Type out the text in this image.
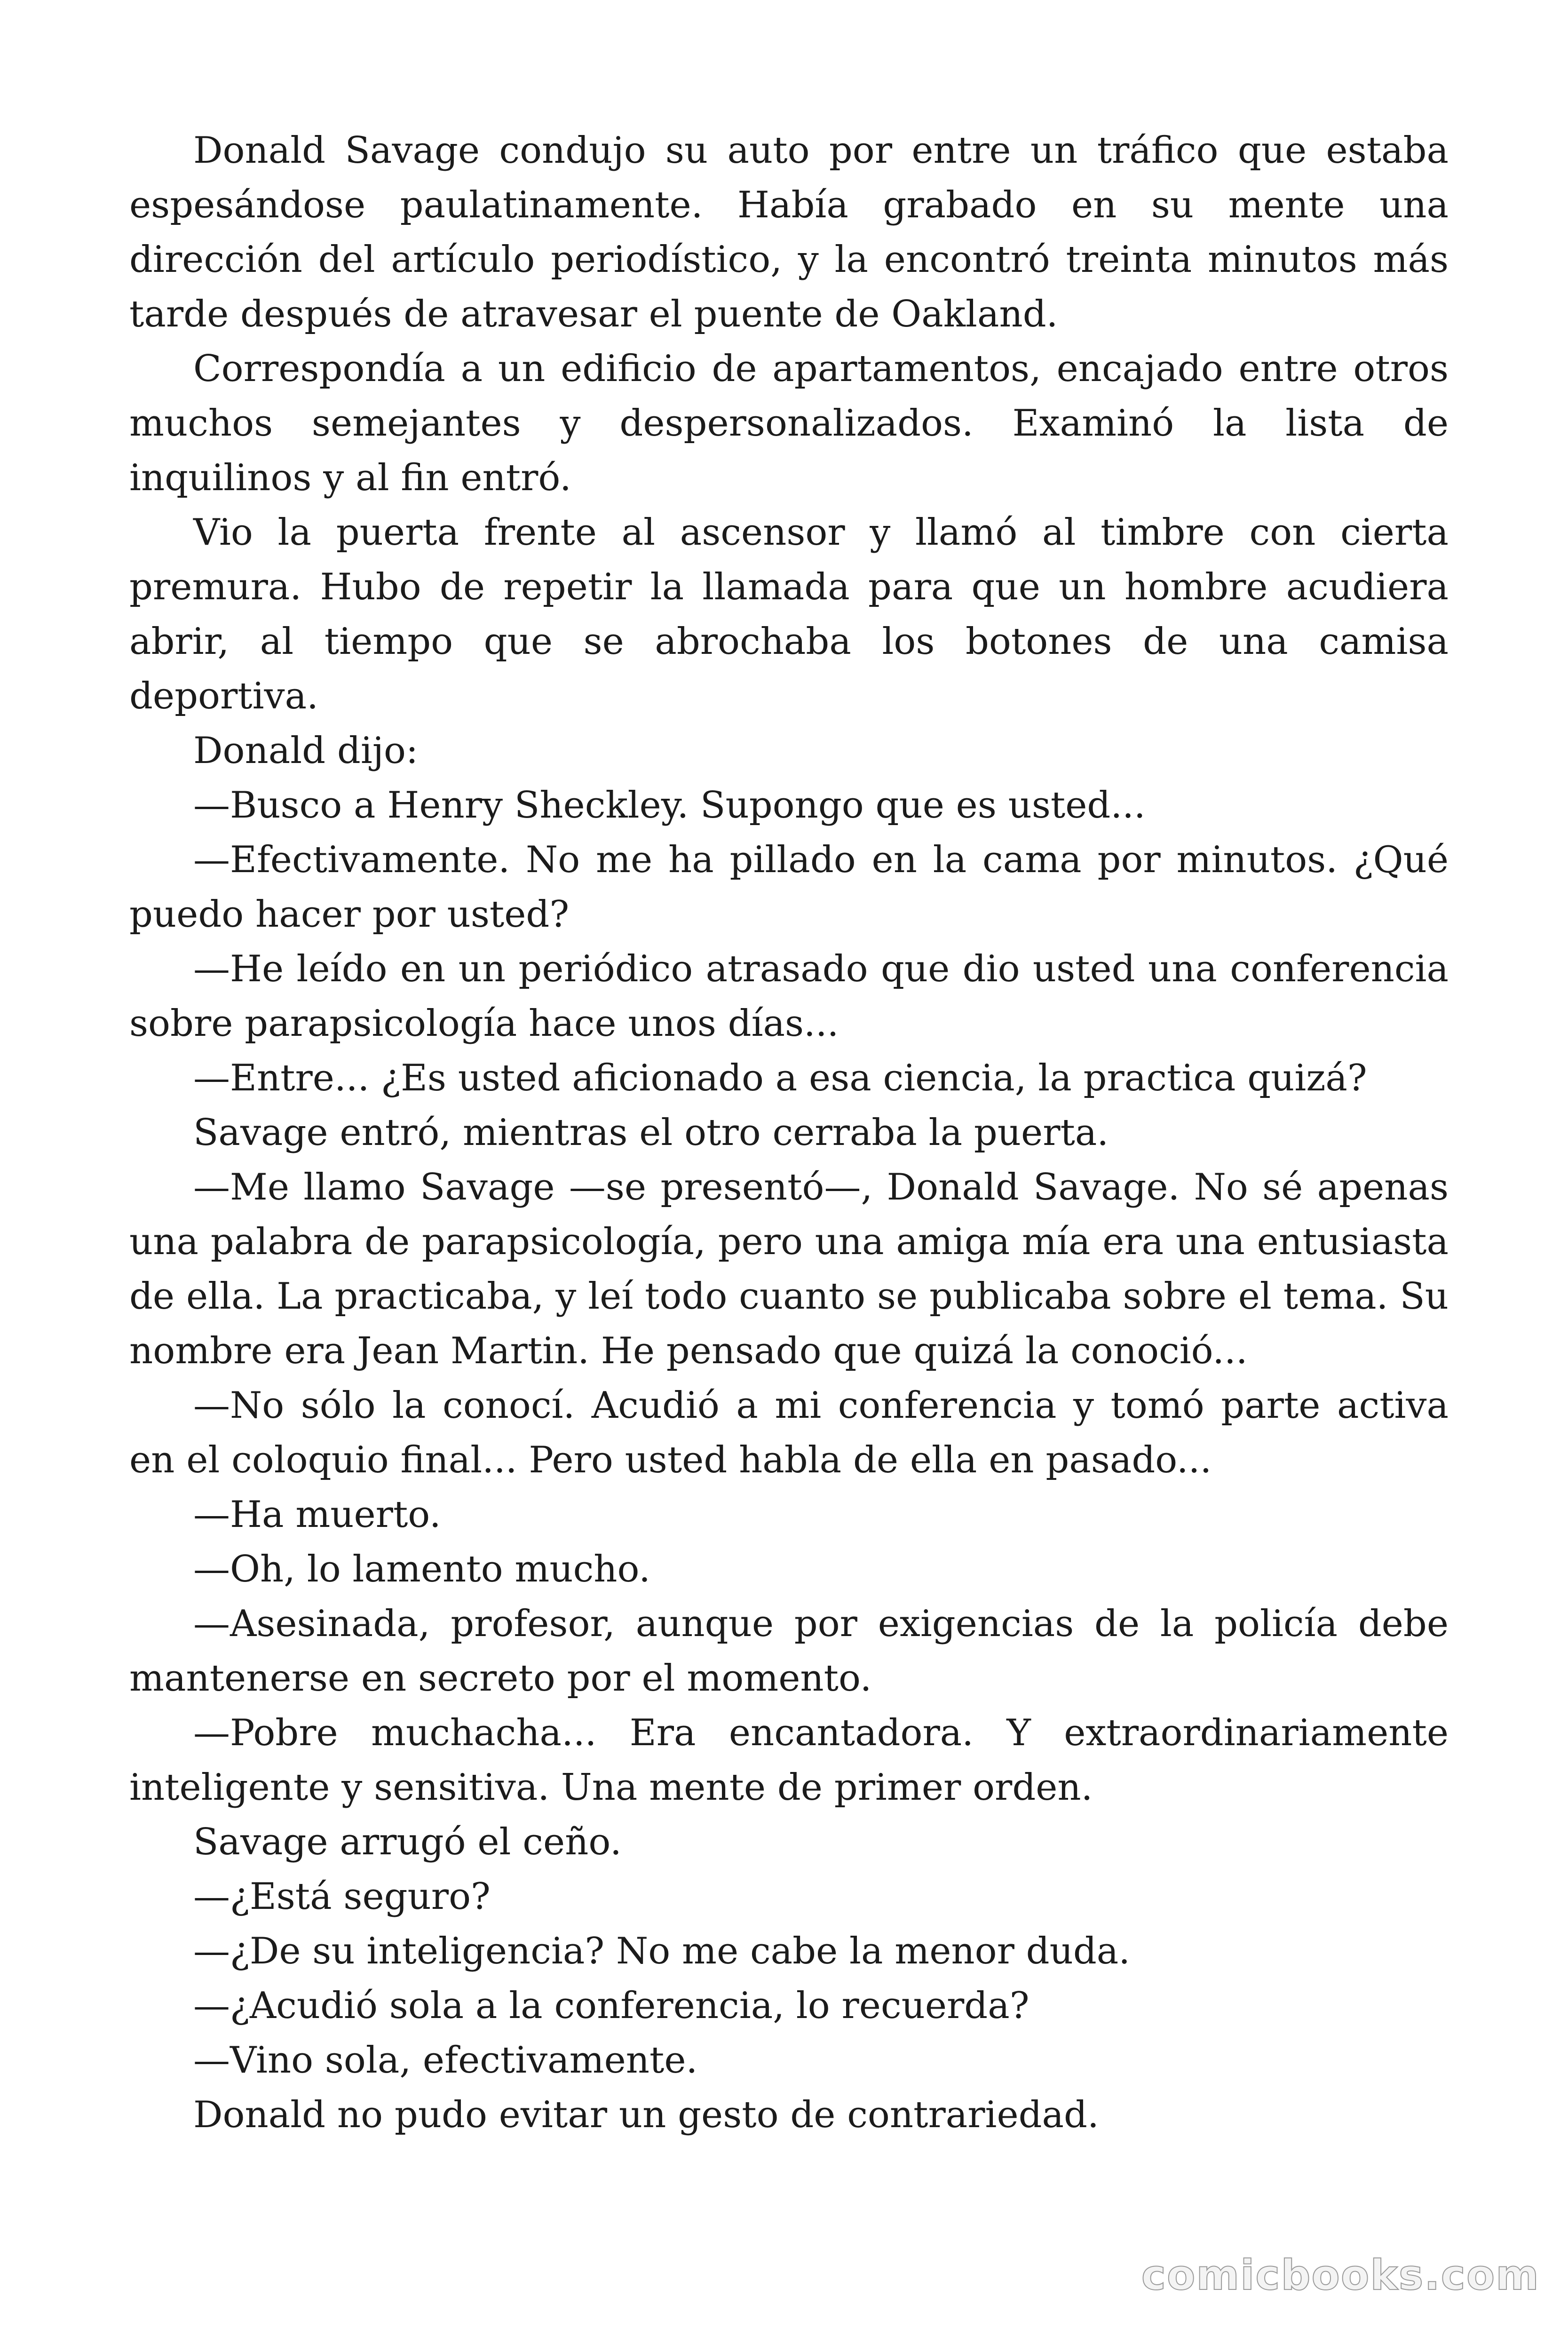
Donald Savage condujo su auto por entre un tráfico que estaba espesándose paulatinamente. Había grabado en su mente una dirección del artículo periodístico, y la encontró treinta minutos más tarde después de atravesar el puente de Oakland.

Correspondía a un edificio de apartamentos, encajado entre otros muchos semejantes y despersonalizados. Examinó la lista de inquilinos y al fin entró.

Vio la puerta frente al ascensor y llamó al timbre con cierta premura. Hubo de repetir la llamada para que un hombre acudiera abrir, al tiempo que se abrochaba los botones de una camisa deportiva.

Donald dijo:

—Busco a Henry Sheckley. Supongo que es usted...

—Efectivamente. No me ha pillado en la cama por minutos. ¿Qué puedo hacer por usted?

—He leído en un periódico atrasado que dio usted una conferencia sobre parapsicología hace unos días...

—Entre... ¿Es usted aficionado a esa ciencia, la practica quizá?

Savage entró, mientras el otro cerraba la puerta.

—Me llamo Savage —se presentó—, Donald Savage. No sé apenas una palabra de parapsicología, pero una amiga mía era una entusiasta de ella. La practicaba, y leí todo cuanto se publicaba sobre el tema. Su nombre era Jean Martin. He pensado que quizá la conoció...

—No sólo la conocí. Acudió a mi conferencia y tomó parte activa en el coloquio final... Pero usted habla de ella en pasado...

—Ha muerto.

—Oh, lo lamento mucho.

—Asesinada, profesor, aunque por exigencias de la policía debe mantenerse en secreto por el momento.

—Pobre muchacha... Era encantadora. Y extraordinariamente inteligente y sensitiva. Una mente de primer orden.

Savage arrugó el ceño.

—¿Está seguro?

—¿De su inteligencia? No me cabe la menor duda.

—¿Acudió sola a la conferencia, lo recuerda?

—Vino sola, efectivamente.

Donald no pudo evitar un gesto de contrariedad.

comicbooks.com
